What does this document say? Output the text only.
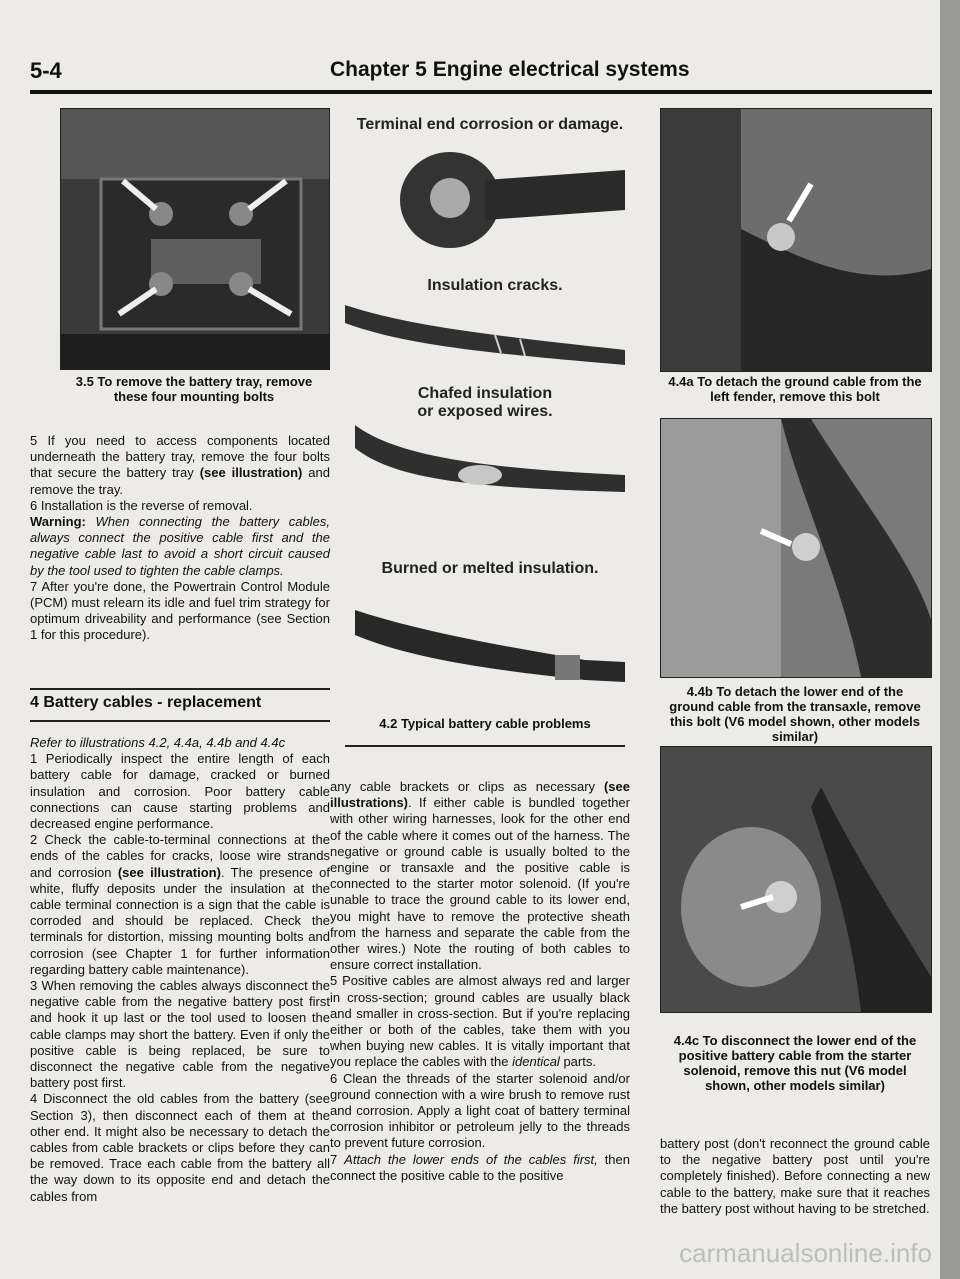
5-4	Chapter 5 Engine electrical systems
3.5 To remove the battery tray, remove these four mounting bolts

5 If you need to access components located underneath the battery tray, remove the four bolts that secure the battery tray (see illustration) and remove the tray.

6 Installation is the reverse of removal.

Warning: When connecting the battery cables, always connect the positive cable first and the negative cable last to avoid a short circuit caused by the tool used to tighten the cable clamps.

7 After you're done, the Powertrain Control Module (PCM) must relearn its idle and fuel trim strategy for optimum driveability and performance (see Section 1 for this procedure).

4 Battery cables - replacement

Refer to illustrations 4.2, 4.4a, 4.4b and 4.4c

1 Periodically inspect the entire length of each battery cable for damage, cracked or burned insulation and corrosion. Poor battery cable connections can cause starting problems and decreased engine performance.

2 Check the cable-to-terminal connections at the ends of the cables for cracks, loose wire strands and corrosion (see illustration). The presence of white, fluffy deposits under the insulation at the cable terminal connection is a sign that the cable is corroded and should be replaced. Check the terminals for distortion, missing mounting bolts and corrosion (see Chapter 1 for further information regarding battery cable maintenance).

3 When removing the cables always disconnect the negative cable from the negative battery post first and hook it up last or the tool used to loosen the cable clamps may short the battery. Even if only the positive cable is being replaced, be sure to disconnect the negative cable from the negative battery post first.

4 Disconnect the old cables from the battery (see Section 3), then disconnect each of them at the other end. It might also be necessary to detach the cables from cable brackets or clips before they can be removed. Trace each cable from the battery all the way down to its opposite end and detach the cables from

Terminal end corrosion or damage.
Insulation cracks.
Chafed insulation or exposed wires.
Burned or melted insulation.
4.2 Typical battery cable problems

any cable brackets or clips as necessary (see illustrations). If either cable is bundled together with other wiring harnesses, look for the other end of the cable where it comes out of the harness. The negative or ground cable is usually bolted to the engine or transaxle and the positive cable is connected to the starter motor solenoid. (If you're unable to trace the ground cable to its lower end, you might have to remove the protective sheath from the harness and separate the cable from the other wires.) Note the routing of both cables to ensure correct installation.

5 Positive cables are almost always red and larger in cross-section; ground cables are usually black and smaller in cross-section. But if you're replacing either or both of the cables, take them with you when buying new cables. It is vitally important that you replace the cables with the identical parts.

6 Clean the threads of the starter solenoid and/or ground connection with a wire brush to remove rust and corrosion. Apply a light coat of battery terminal corrosion inhibitor or petroleum jelly to the threads to prevent future corrosion.

7 Attach the lower ends of the cables first, then connect the positive cable to the positive

4.4a To detach the ground cable from the left fender, remove this bolt
4.4b To detach the lower end of the ground cable from the transaxle, remove this bolt (V6 model shown, other models similar)
4.4c To disconnect the lower end of the positive battery cable from the starter solenoid, remove this nut (V6 model shown, other models similar)
battery post (don't reconnect the ground cable to the negative battery post until you're completely finished). Before connecting a new cable to the battery, make sure that it reaches the battery post without having to be stretched.
carmanualsonline.info
